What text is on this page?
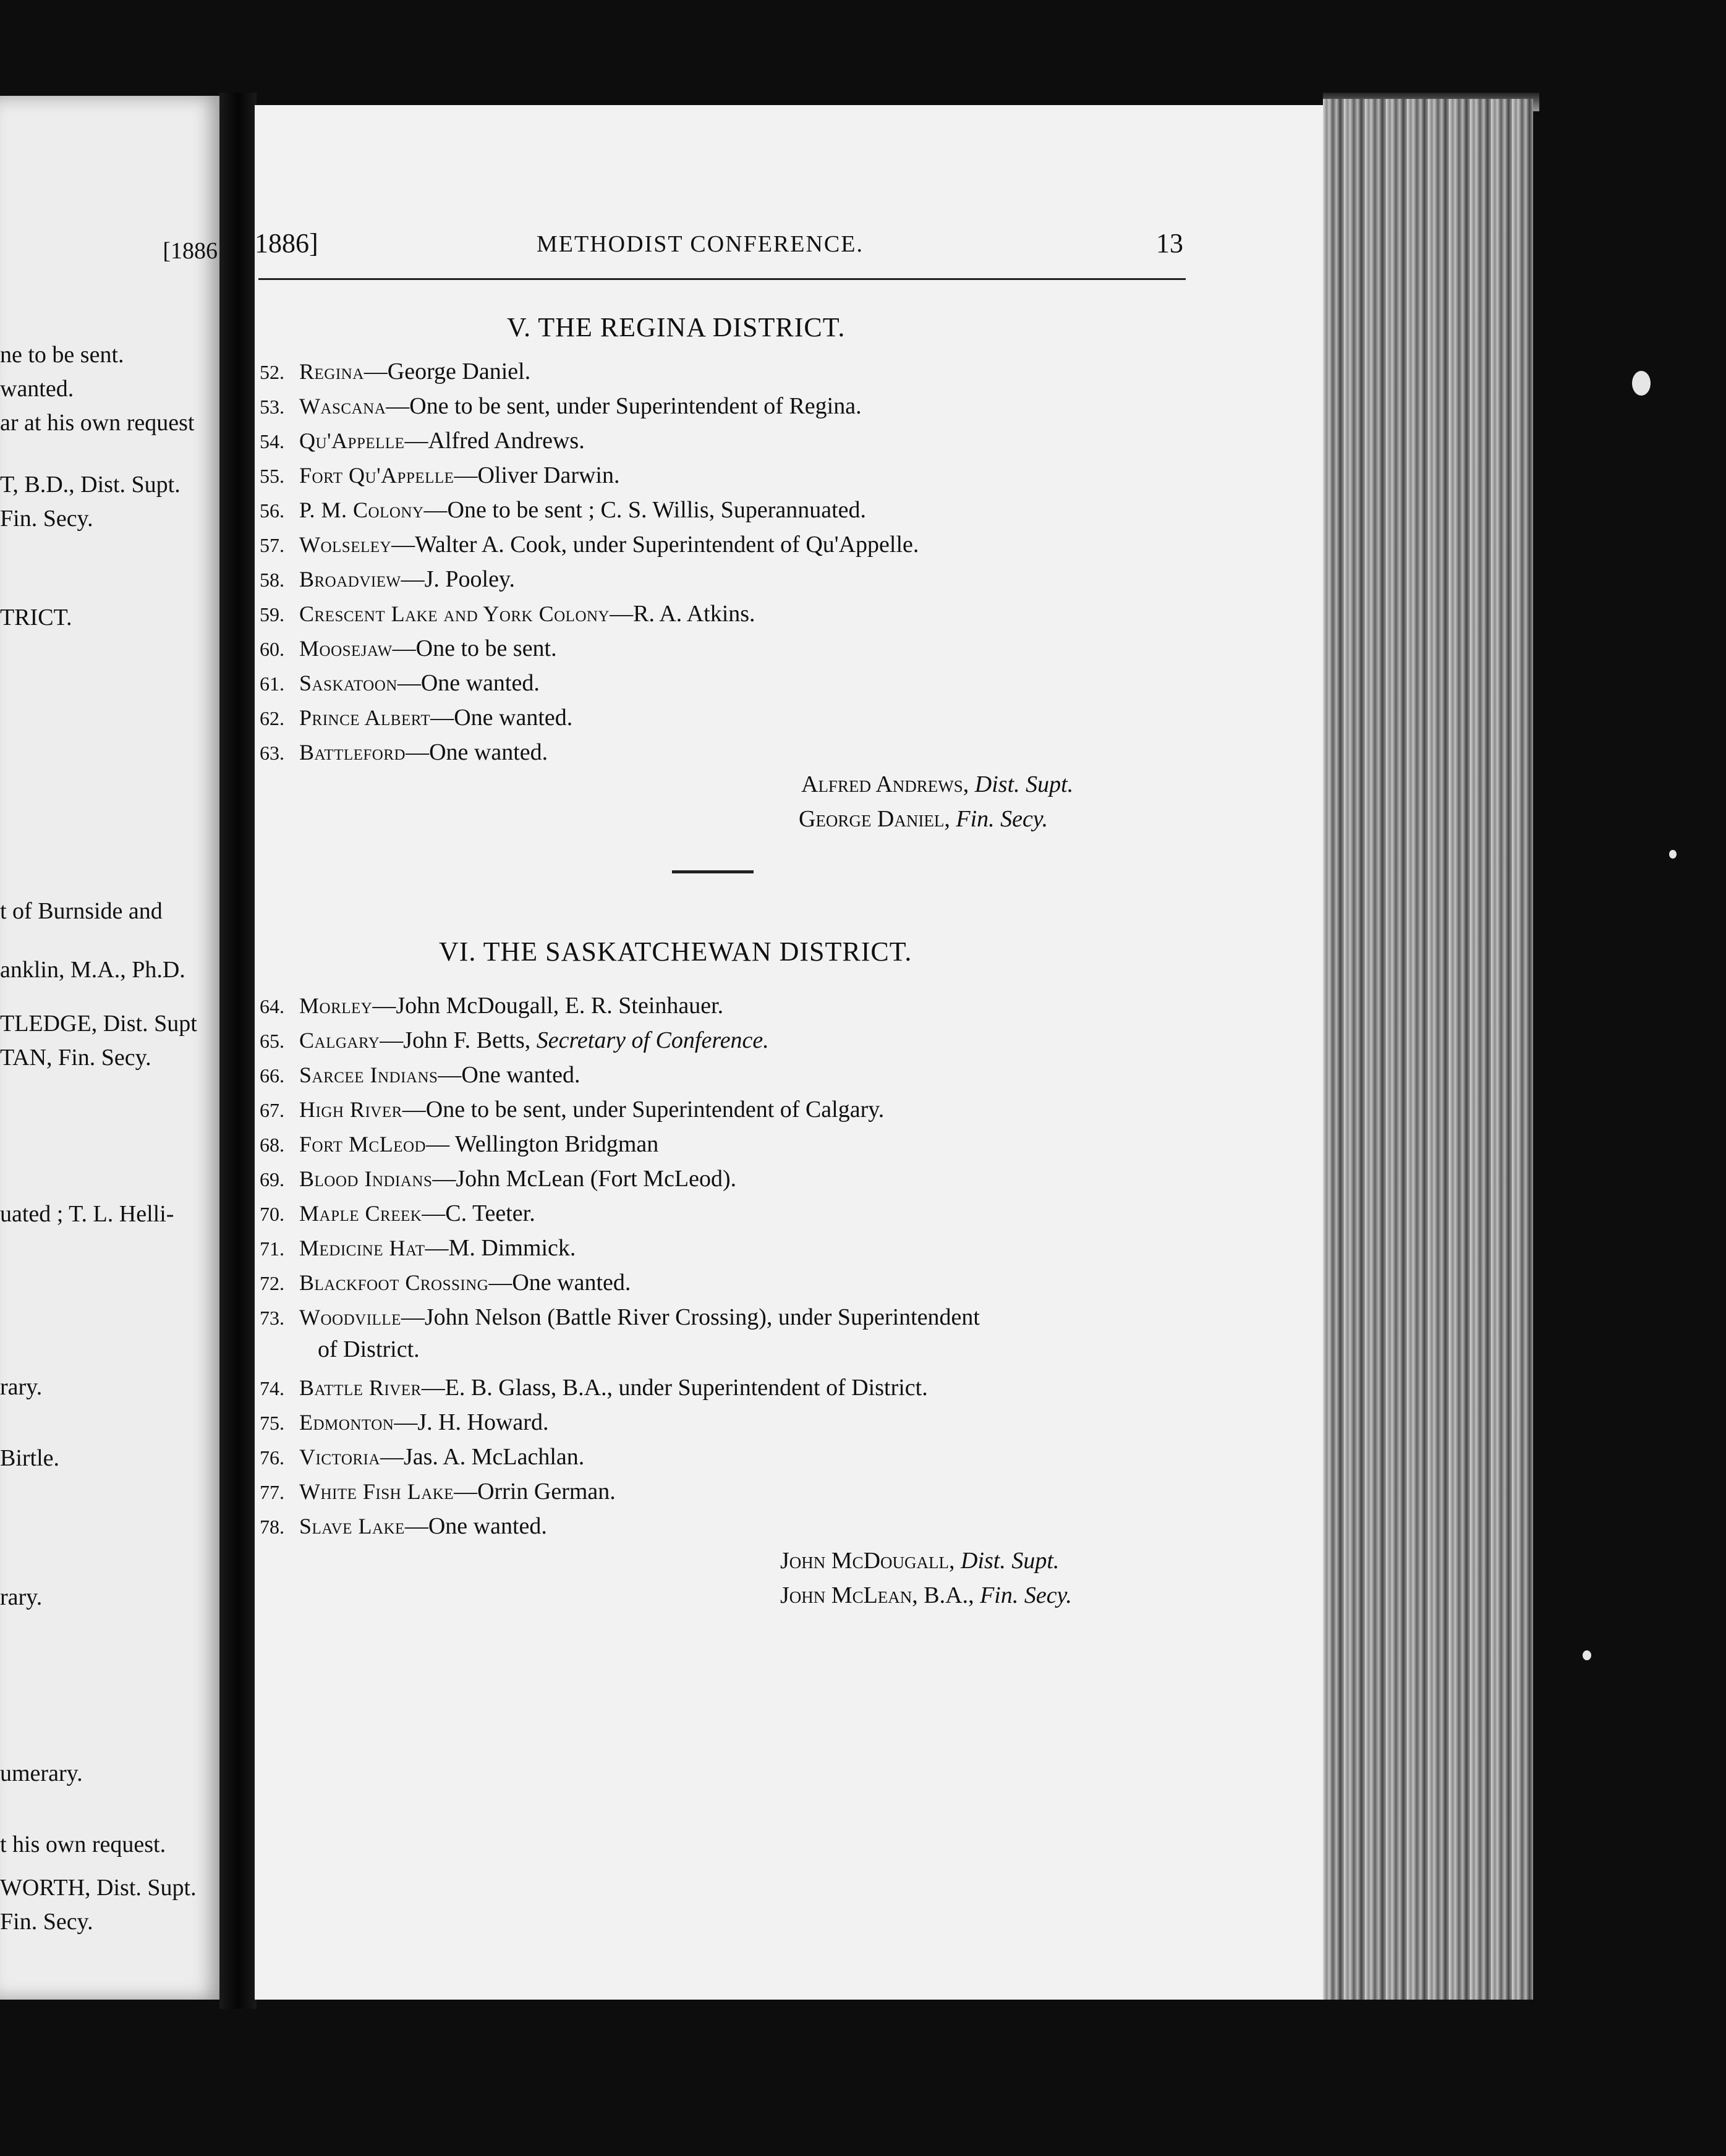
[1886
ne to be sent.
wanted.
ar at his own request
T, B.D., Dist. Supt.
Fin. Secy.
TRICT.
t of Burnside and
anklin, M.A., Ph.D.
TLEDGE, Dist. Supt
TAN, Fin. Secy.
uated ; T. L. Helli-
rary.
Birtle.
rary.
umerary.
t his own request.
WORTH, Dist. Supt.
Fin. Secy.
1886]	METHODIST CONFERENCE.	13
V. THE REGINA DISTRICT.
52. Regina—George Daniel.
53. Wascana—One to be sent, under Superintendent of Regina.
54. Qu'Appelle—Alfred Andrews.
55. Fort Qu'Appelle—Oliver Darwin.
56. P. M. Colony—One to be sent ; C. S. Willis, Superannuated.
57. Wolseley—Walter A. Cook, under Superintendent of Qu'Appelle.
58. Broadview—J. Pooley.
59. Crescent Lake and York Colony—R. A. Atkins.
60. Moosejaw—One to be sent.
61. Saskatoon—One wanted.
62. Prince Albert—One wanted.
63. Battleford—One wanted.
Alfred Andrews, Dist. Supt.
George Daniel, Fin. Secy.
VI. THE SASKATCHEWAN DISTRICT.
64. Morley—John McDougall, E. R. Steinhauer.
65. Calgary—John F. Betts, Secretary of Conference.
66. Sarcee Indians—One wanted.
67. High River—One to be sent, under Superintendent of Calgary.
68. Fort McLeod— Wellington Bridgman
69. Blood Indians—John McLean (Fort McLeod).
70. Maple Creek—C. Teeter.
71. Medicine Hat—M. Dimmick.
72. Blackfoot Crossing—One wanted.
73. Woodville—John Nelson (Battle River Crossing), under Superintendent
of District.
74. Battle River—E. B. Glass, B.A., under Superintendent of District.
75. Edmonton—J. H. Howard.
76. Victoria—Jas. A. McLachlan.
77. White Fish Lake—Orrin German.
78. Slave Lake—One wanted.
John McDougall, Dist. Supt.
John McLean, B.A., Fin. Secy.
